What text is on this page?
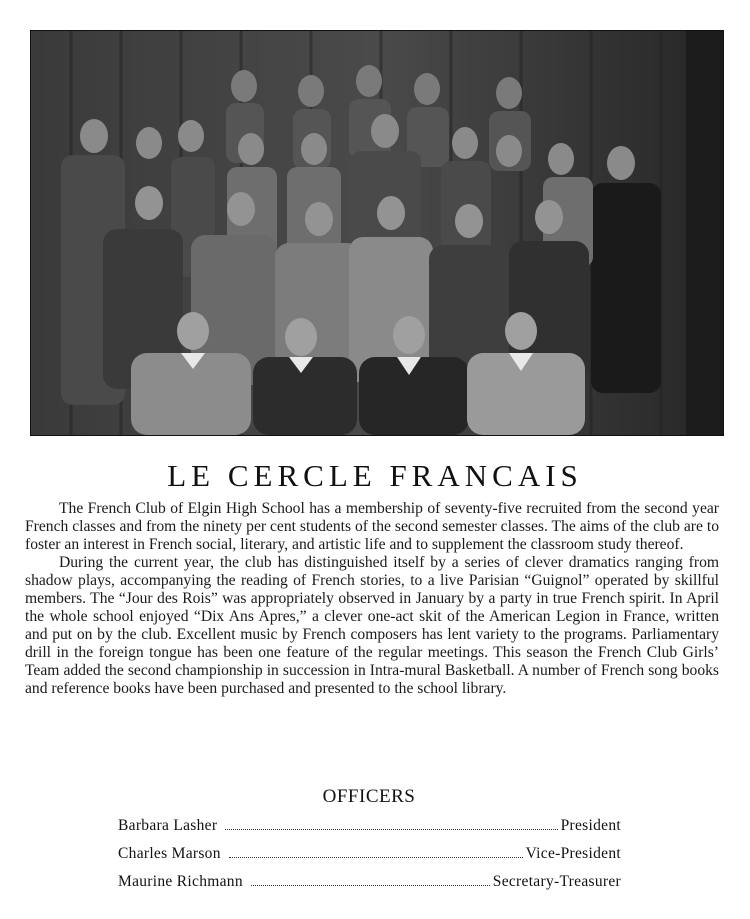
LE CERCLE FRANCAIS

The French Club of Elgin High School has a membership of seventy-five recruited from the second year French classes and from the ninety per cent students of the second semester classes. The aims of the club are to foster an interest in French social, literary, and artistic life and to supplement the classroom study thereof.

During the current year, the club has distinguished itself by a series of clever dramatics ranging from shadow plays, accompanying the reading of French stories, to a live Parisian “Guignol” operated by skillful members. The “Jour des Rois” was appropriately observed in January by a party in true French spirit. In April the whole school enjoyed “Dix Ans Apres,” a clever one-act skit of the American Legion in France, written and put on by the club. Excellent music by French composers has lent variety to the programs. Parliamentary drill in the foreign tongue has been one feature of the regular meetings. This season the French Club Girls’ Team added the second championship in succession in Intra-mural Basketball. A number of French song books and reference books have been purchased and presented to the school library.

OFFICERS
Barbara Lasher	President
Charles Marson	Vice-President
Maurine Richmann	Secretary-Treasurer
